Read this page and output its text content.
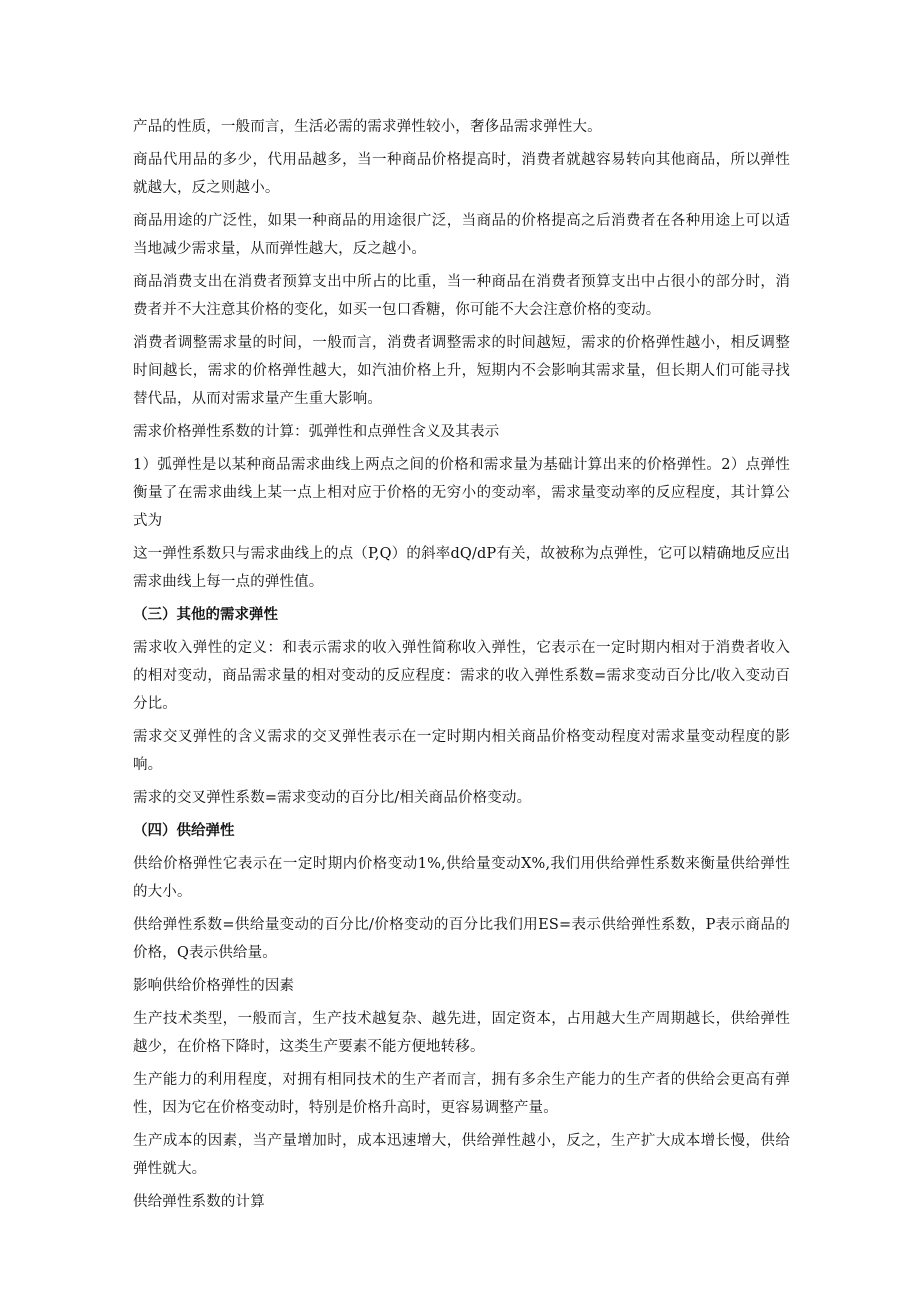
产品的性质，一般而言，生活必需的需求弹性较小，奢侈品需求弹性大。

商品代用品的多少，代用品越多，当一种商品价格提高时，消费者就越容易转向其他商品，所以弹性就越大，反之则越小。

商品用途的广泛性，如果一种商品的用途很广泛，当商品的价格提高之后消费者在各种用途上可以适当地减少需求量，从而弹性越大，反之越小。

商品消费支出在消费者预算支出中所占的比重，当一种商品在消费者预算支出中占很小的部分时，消费者并不大注意其价格的变化，如买一包口香糖，你可能不大会注意价格的变动。

消费者调整需求量的时间，一般而言，消费者调整需求的时间越短，需求的价格弹性越小，相反调整时间越长，需求的价格弹性越大，如汽油价格上升，短期内不会影响其需求量，但长期人们可能寻找替代品，从而对需求量产生重大影响。

需求价格弹性系数的计算：弧弹性和点弹性含义及其表示

1）弧弹性是以某种商品需求曲线上两点之间的价格和需求量为基础计算出来的价格弹性。2）点弹性衡量了在需求曲线上某一点上相对应于价格的无穷小的变动率，需求量变动率的反应程度，其计算公式为

这一弹性系数只与需求曲线上的点（P,Q）的斜率dQ/dP有关，故被称为点弹性，它可以精确地反应出需求曲线上每一点的弹性值。

（三）其他的需求弹性

需求收入弹性的定义：和表示需求的收入弹性简称收入弹性，它表示在一定时期内相对于消费者收入的相对变动，商品需求量的相对变动的反应程度：需求的收入弹性系数=需求变动百分比/收入变动百分比。

需求交叉弹性的含义需求的交叉弹性表示在一定时期内相关商品价格变动程度对需求量变动程度的影响。

需求的交叉弹性系数=需求变动的百分比/相关商品价格变动。

（四）供给弹性

供给价格弹性它表示在一定时期内价格变动1%,供给量变动X%,我们用供给弹性系数来衡量供给弹性的大小。

供给弹性系数=供给量变动的百分比/价格变动的百分比我们用ES=表示供给弹性系数，P表示商品的价格，Q表示供给量。

影响供给价格弹性的因素

生产技术类型，一般而言，生产技术越复杂、越先进，固定资本，占用越大生产周期越长，供给弹性越少，在价格下降时，这类生产要素不能方便地转移。

生产能力的利用程度，对拥有相同技术的生产者而言，拥有多余生产能力的生产者的供给会更高有弹性，因为它在价格变动时，特别是价格升高时，更容易调整产量。

生产成本的因素，当产量增加时，成本迅速增大，供给弹性越小，反之，生产扩大成本增长慢，供给弹性就大。

供给弹性系数的计算
